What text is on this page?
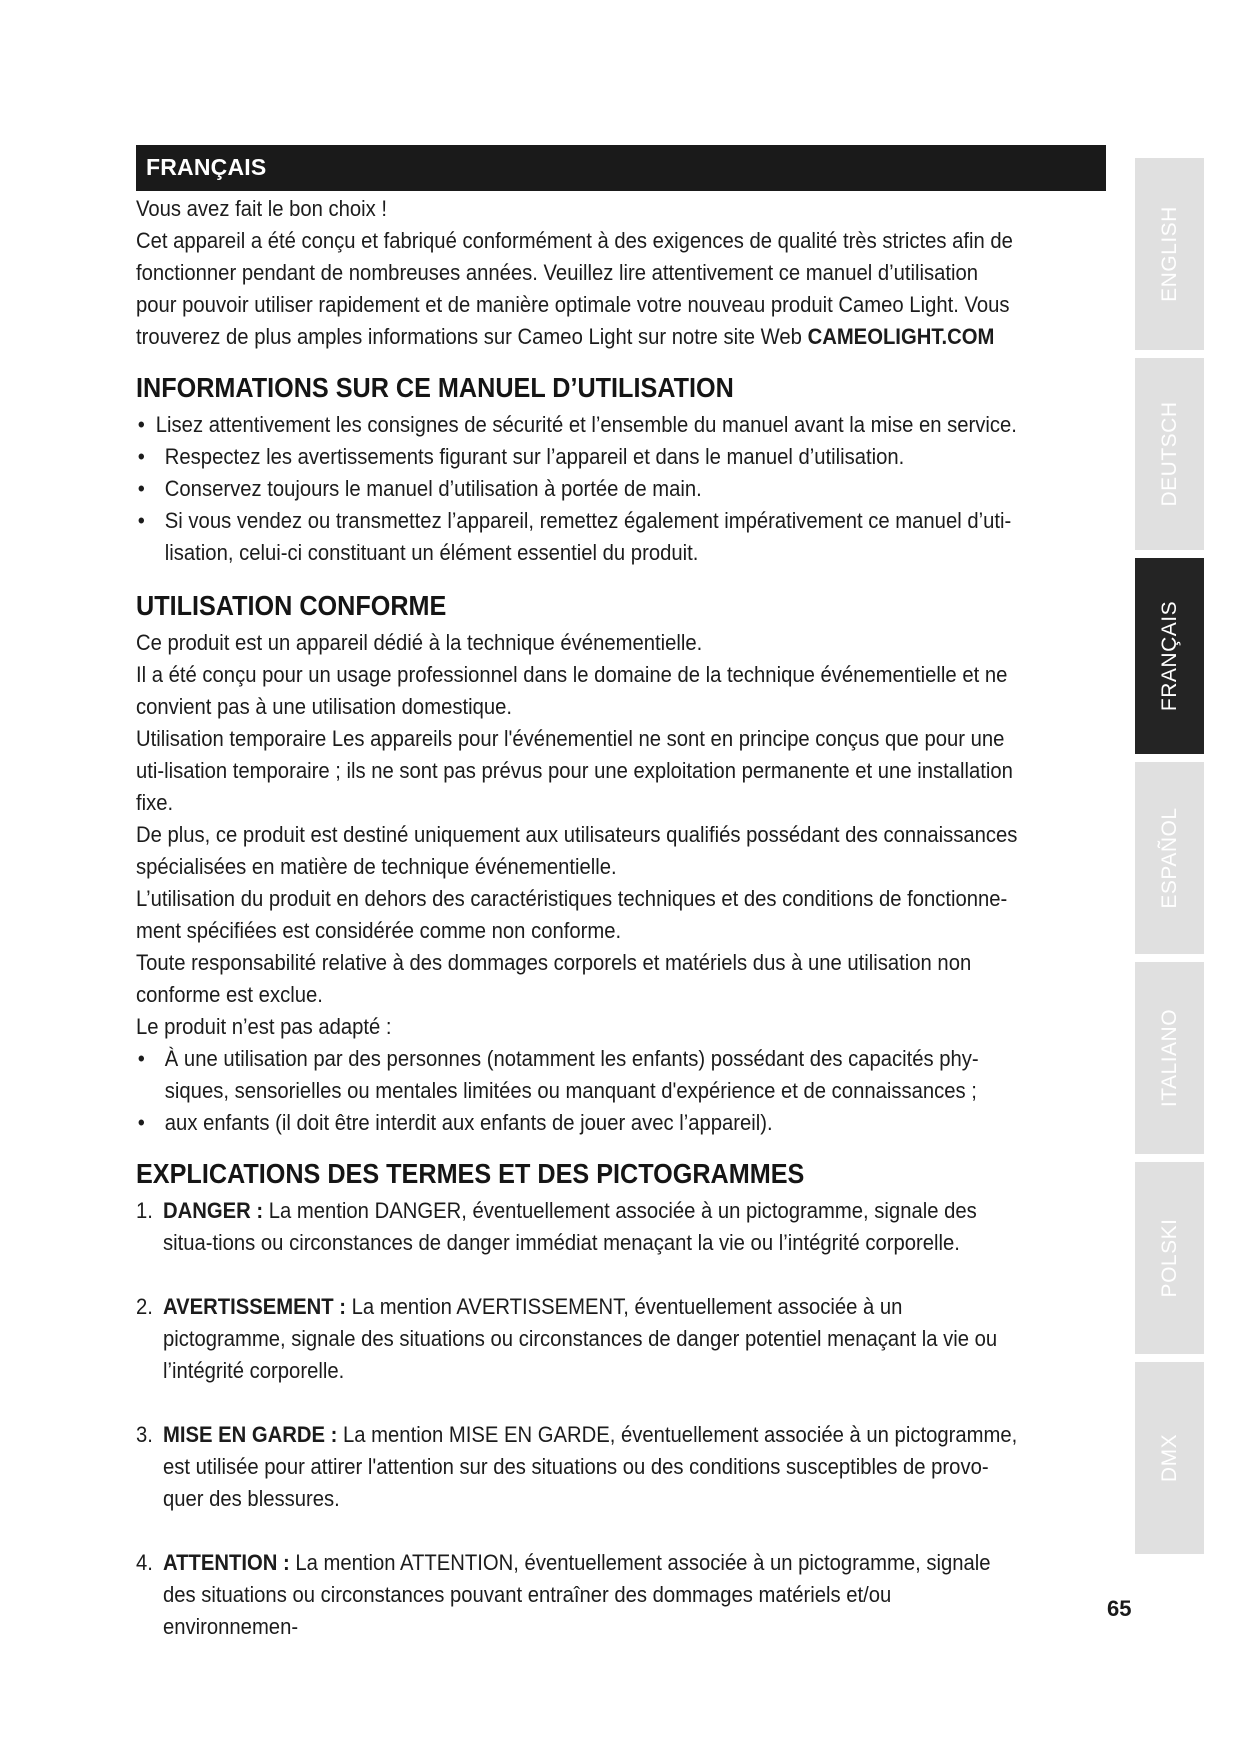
FRANÇAIS

Vous avez fait le bon choix !

Cet appareil a été conçu et fabriqué conformément à des exigences de qualité très strictes afin de fonctionner pendant de nombreuses années. Veuillez lire attentivement ce manuel d’utilisation pour pouvoir utiliser rapidement et de manière optimale votre nouveau produit Cameo Light. Vous trouverez de plus amples informations sur Cameo Light sur notre site Web CAMEOLIGHT.COM

INFORMATIONS SUR CE MANUEL D’UTILISATION

• Lisez attentivement les consignes de sécurité et l’ensemble du manuel avant la mise en service.

• Respectez les avertissements figurant sur l’appareil et dans le manuel d’utilisation.

• Conservez toujours le manuel d’utilisation à portée de main.

• Si vous vendez ou transmettez l’appareil, remettez également impérativement ce manuel d’uti-lisation, celui-ci constituant un élément essentiel du produit.

UTILISATION CONFORME

Ce produit est un appareil dédié à la technique événementielle.

Il a été conçu pour un usage professionnel dans le domaine de la technique événementielle et ne convient pas à une utilisation domestique.

Utilisation temporaire Les appareils pour l'événementiel ne sont en principe conçus que pour une uti-lisation temporaire ; ils ne sont pas prévus pour une exploitation permanente et une installation fixe.

De plus, ce produit est destiné uniquement aux utilisateurs qualifiés possédant des connaissances spécialisées en matière de technique événementielle.

L’utilisation du produit en dehors des caractéristiques techniques et des conditions de fonctionne-ment spécifiées est considérée comme non conforme.

Toute responsabilité relative à des dommages corporels et matériels dus à une utilisation non conforme est exclue.

Le produit n’est pas adapté :

• À une utilisation par des personnes (notamment les enfants) possédant des capacités phy-siques, sensorielles ou mentales limitées ou manquant d'expérience et de connaissances ;

• aux enfants (il doit être interdit aux enfants de jouer avec l’appareil).

EXPLICATIONS DES TERMES ET DES PICTOGRAMMES

1. DANGER : La mention DANGER, éventuellement associée à un pictogramme, signale des situa-tions ou circonstances de danger immédiat menaçant la vie ou l’intégrité corporelle.

2. AVERTISSEMENT : La mention AVERTISSEMENT, éventuellement associée à un pictogramme, signale des situations ou circonstances de danger potentiel menaçant la vie ou l’intégrité corporelle.

3. MISE EN GARDE : La mention MISE EN GARDE, éventuellement associée à un pictogramme, est utilisée pour attirer l'attention sur des situations ou des conditions susceptibles de provo-quer des blessures.

4. ATTENTION : La mention ATTENTION, éventuellement associée à un pictogramme, signale des situations ou circonstances pouvant entraîner des dommages matériels et/ou environnemen-

ENGLISH
DEUTSCH
FRANÇAIS
ESPAÑOL
ITALIANO
POLSKI
DMX
65
